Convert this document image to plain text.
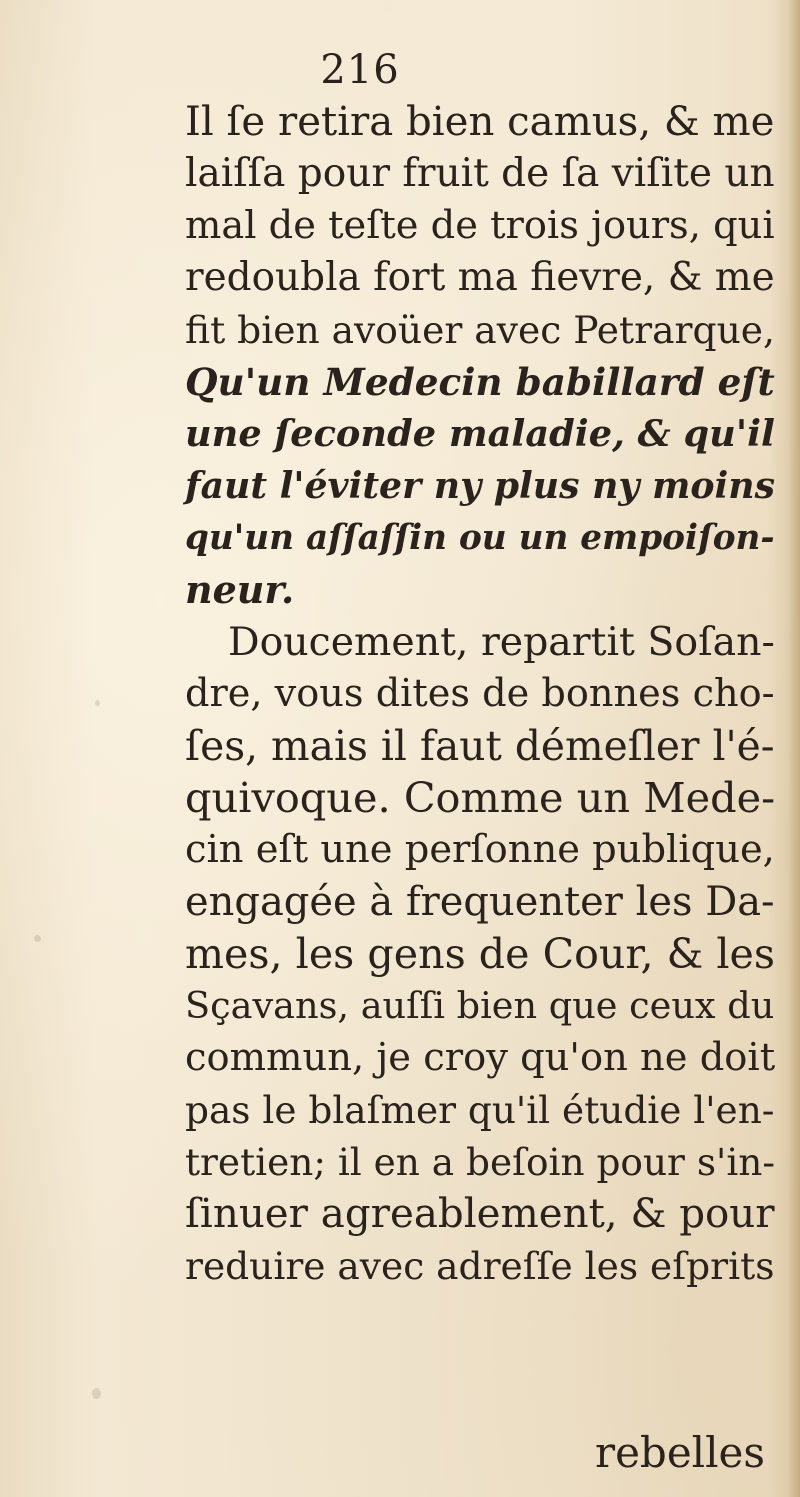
216
Il ſe retira bien camus, & me
laiſſa pour fruit de ſa viſite un
mal de teſte de trois jours, qui
redoubla fort ma fievre, & me
fit bien avoüer avec Petrarque,
Qu'un Medecin babillard eſt
une ſeconde maladie, & qu'il
faut l'éviter ny plus ny moins
qu'un aſſaſſin ou un empoiſon-
neur.
Doucement, repartit Soſan-
dre, vous dites de bonnes cho-
ſes, mais il faut démeſler l'é-
quivoque. Comme un Mede-
cin eſt une perſonne publique,
engagée à frequenter les Da-
mes, les gens de Cour, & les
Sçavans, auſſi bien que ceux du
commun, je croy qu'on ne doit
pas le blaſmer qu'il étudie l'en-
tretien; il en a beſoin pour s'in-
ſinuer agreablement, & pour
reduire avec adreſſe les eſprits
rebelles
